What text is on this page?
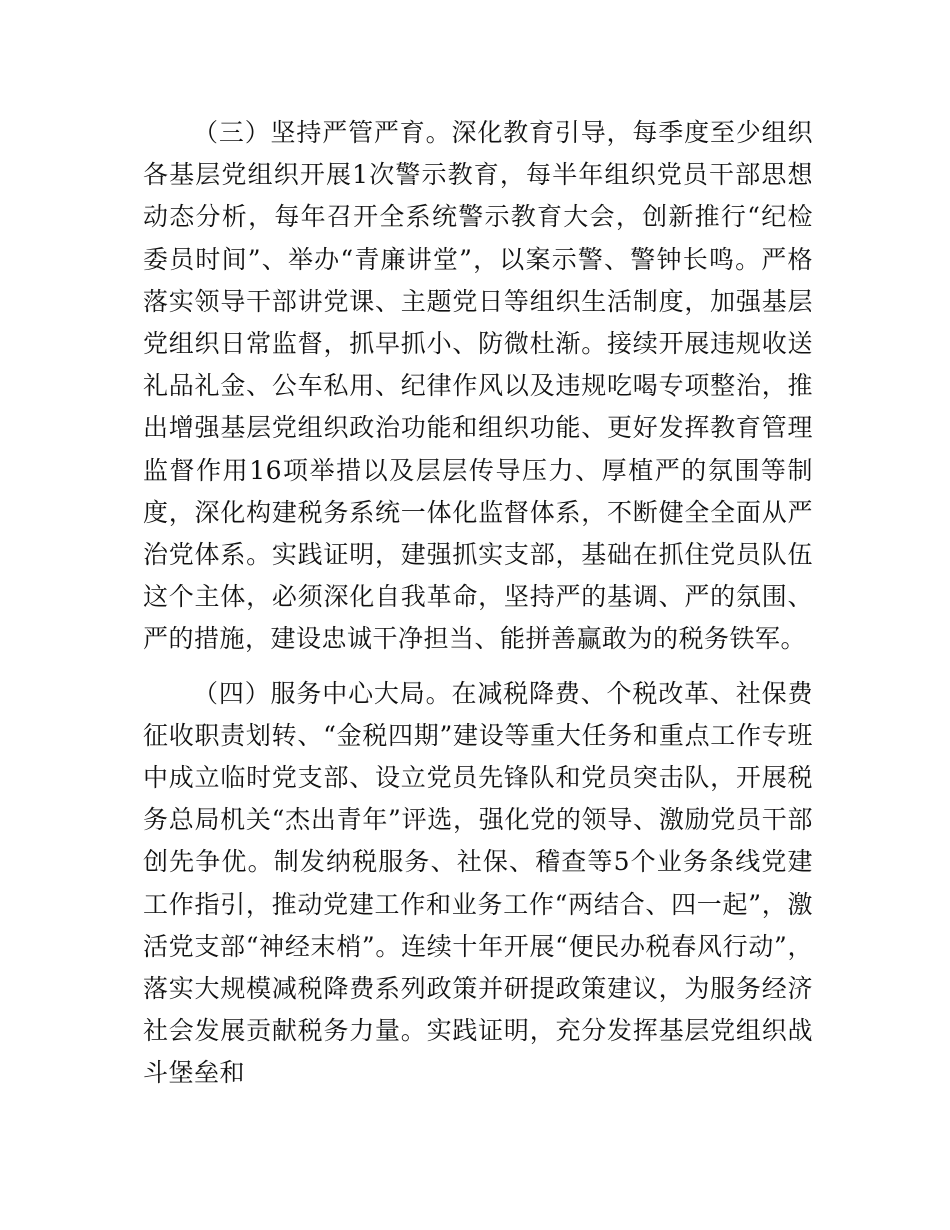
（三）坚持严管严育。深化教育引导，每季度至少组织各基层党组织开展1次警示教育，每半年组织党员干部思想动态分析，每年召开全系统警示教育大会，创新推行“纪检委员时间”、举办“青廉讲堂”，以案示警、警钟长鸣。严格落实领导干部讲党课、主题党日等组织生活制度，加强基层党组织日常监督，抓早抓小、防微杜渐。接续开展违规收送礼品礼金、公车私用、纪律作风以及违规吃喝专项整治，推出增强基层党组织政治功能和组织功能、更好发挥教育管理监督作用16项举措以及层层传导压力、厚植严的氛围等制度，深化构建税务系统一体化监督体系，不断健全全面从严治党体系。实践证明，建强抓实支部，基础在抓住党员队伍这个主体，必须深化自我革命，坚持严的基调、严的氛围、严的措施，建设忠诚干净担当、能拼善赢敢为的税务铁军。

（四）服务中心大局。在减税降费、个税改革、社保费征收职责划转、“金税四期”建设等重大任务和重点工作专班中成立临时党支部、设立党员先锋队和党员突击队，开展税务总局机关“杰出青年”评选，强化党的领导、激励党员干部创先争优。制发纳税服务、社保、稽查等5个业务条线党建工作指引，推动党建工作和业务工作“两结合、四一起”，激活党支部“神经末梢”。连续十年开展“便民办税春风行动”，落实大规模减税降费系列政策并研提政策建议，为服务经济社会发展贡献税务力量。实践证明，充分发挥基层党组织战斗堡垒和
